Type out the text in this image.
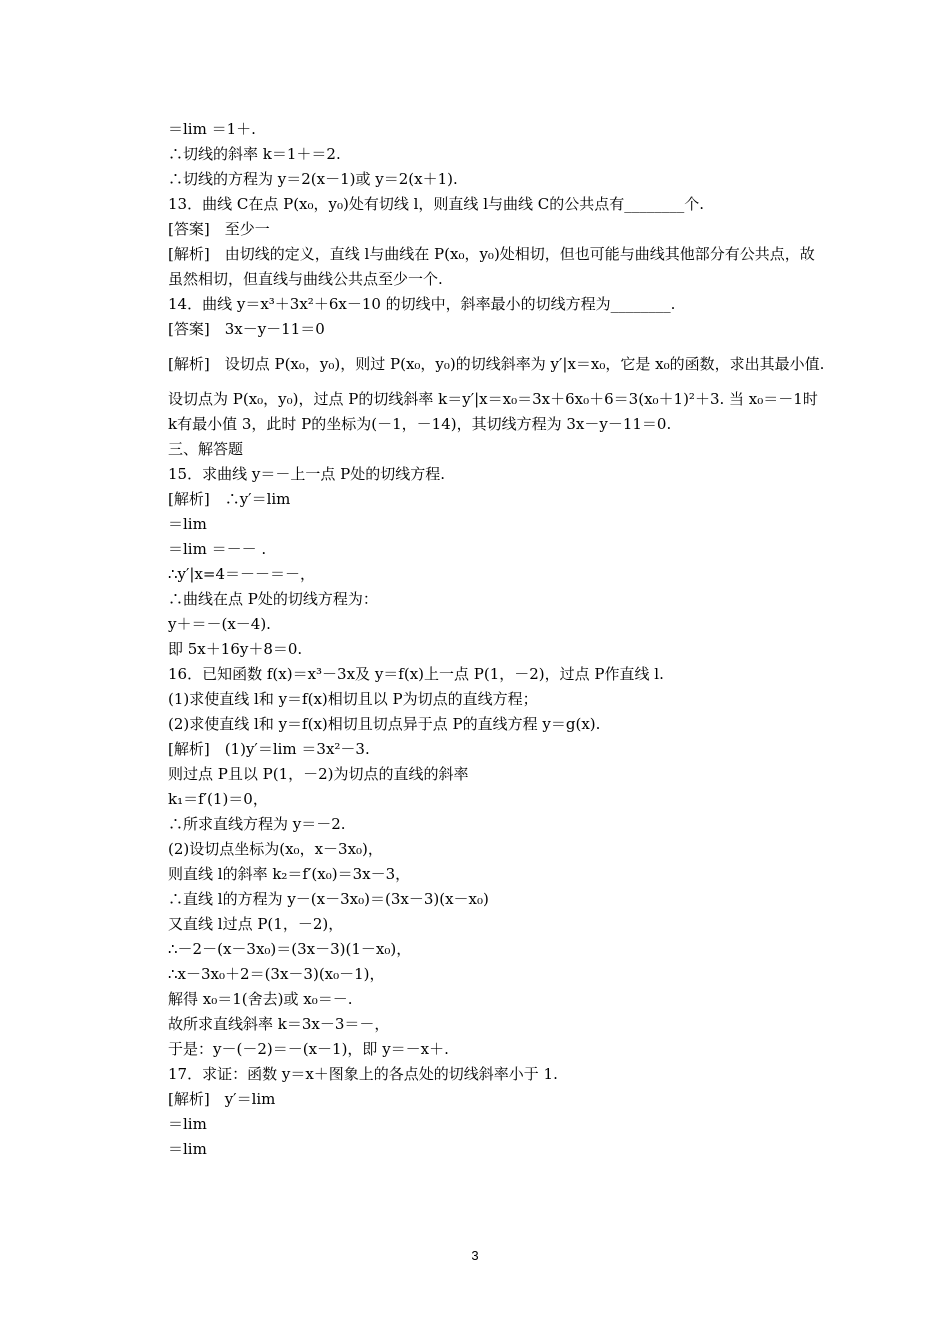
＝lim ＝1＋.
∴切线的斜率 k＝1＋＝2.
∴切线的方程为 y＝2(x－1)或 y＝2(x＋1).
13．曲线 C在点 P(x₀，y₀)处有切线 l，则直线 l与曲线 C的公共点有________个.
[答案]　至少一
[解析]　由切线的定义，直线 l与曲线在 P(x₀，y₀)处相切，但也可能与曲线其他部分有公共点，故虽然相切，但直线与曲线公共点至少一个.
14．曲线 y＝x³＋3x²＋6x－10 的切线中，斜率最小的切线方程为________.
[答案]　3x－y－11＝0
[解析]　设切点 P(x₀，y₀)，则过 P(x₀，y₀)的切线斜率为 y′|x＝x₀，它是 x₀的函数，求出其最小值.
设切点为 P(x₀，y₀)，过点 P的切线斜率 k＝y′|x＝x₀＝3x＋6x₀＋6＝3(x₀＋1)²＋3. 当 x₀＝－1时 k有最小值 3，此时 P的坐标为(－1，－14)，其切线方程为 3x－y－11＝0.
三、解答题
15．求曲线 y＝－上一点 P处的切线方程.
[解析]　∴y′＝lim
＝lim
＝lim ＝－－ .
∴y′|x=4＝－－＝－，
∴曲线在点 P处的切线方程为：
y＋＝－(x－4).
即 5x＋16y＋8＝0.
16．已知函数 f(x)＝x³－3x及 y＝f(x)上一点 P(1，－2)，过点 P作直线 l.
(1)求使直线 l和 y＝f(x)相切且以 P为切点的直线方程；
(2)求使直线 l和 y＝f(x)相切且切点异于点 P的直线方程 y＝g(x).
[解析]　(1)y′＝lim ＝3x²－3.
则过点 P且以 P(1，－2)为切点的直线的斜率
k₁＝f′(1)＝0，
∴所求直线方程为 y＝－2.
(2)设切点坐标为(x₀，x－3x₀)，
则直线 l的斜率 k₂＝f′(x₀)＝3x－3，
∴直线 l的方程为 y－(x－3x₀)＝(3x－3)(x－x₀)
又直线 l过点 P(1，－2)，
∴－2－(x－3x₀)＝(3x－3)(1－x₀)，
∴x－3x₀＋2＝(3x－3)(x₀－1)，
解得 x₀＝1(舍去)或 x₀＝－.
故所求直线斜率 k＝3x－3＝－，
于是：y－(－2)＝－(x－1)，即 y＝－x＋.
17．求证：函数 y＝x＋图象上的各点处的切线斜率小于 1.
[解析]　y′＝lim
＝lim
＝lim
3
